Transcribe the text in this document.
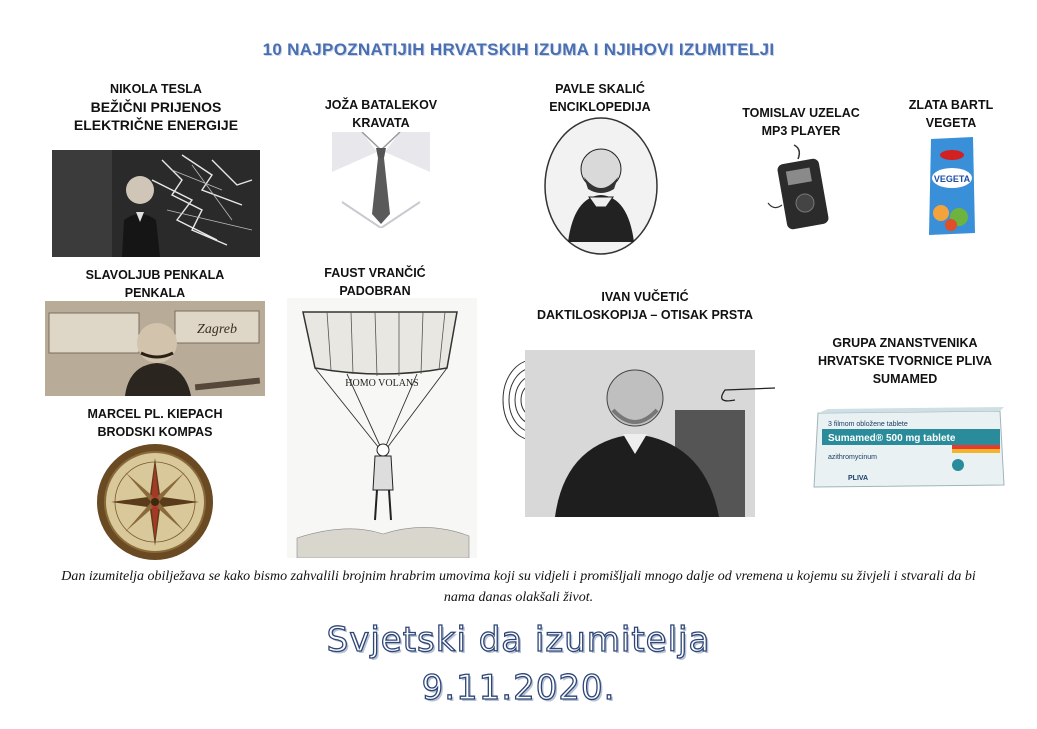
10 NAJPOZNATIJIH HRVATSKIH IZUMA I NJIHOVI IZUMITELJI
NIKOLA TESLA
BEŽIČNI PRIJENOS
ELEKTRIČNE ENERGIJE
JOŽA BATALEKOV
KRAVATA
PAVLE SKALIĆ
ENCIKLOPEDIJA	TOMISLAV UZELAC
MP3 PLAYER
ZLATA BARTL
VEGETA
VEGETA
SLAVOLJUB PENKALA
PENKALA
Zagreb
FAUST VRANČIĆ
PADOBRAN
HOMO VOLANS
IVAN VUČETIĆ
DAKTILOSKOPIJA – OTISAK PRSTA
GRUPA ZNANSTVENIKA
HRVATSKE TVORNICE PLIVA
SUMAMED
3 filmom obložene tablete
Sumamed® 500 mg tablete
azithromycinum
PLIVA
MARCEL PL. KIEPACH
BRODSKI KOMPAS
Dan izumitelja obilježava se kako bismo zahvalili brojnim hrabrim umovima koji su vidjeli i promišljali mnogo dalje od vremena u kojemu su živjeli i stvarali da bi
nama danas olakšali život.
Svjetski da izumitelja
9.11.2020.
